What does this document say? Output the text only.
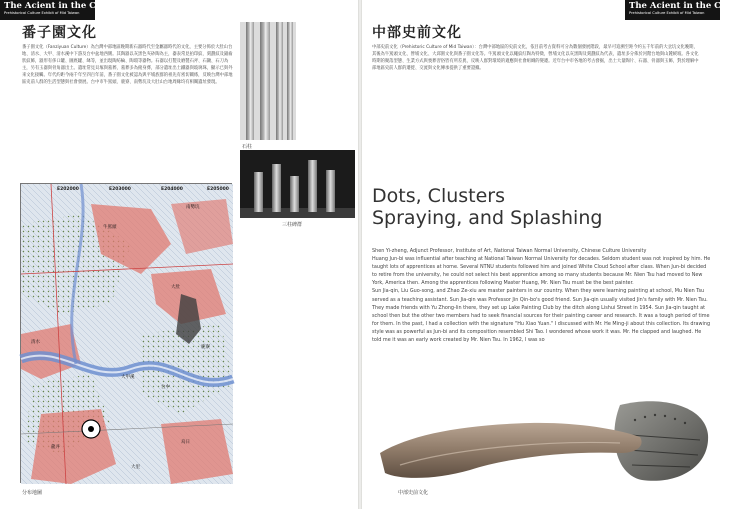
The Acient in the City
Prehistorical Culture Exhibit of Mid Taiwan
番子園文化
番子園文化（Fanziyuan Culture）為台灣中部地區晚期新石器時代至金屬器時代的文化，主要分佈於大肚山台地、清水、大甲、清水溪中下游及台中盆地西側。其陶器以灰黑色夾砂陶為主，器表常見拍印紋、刻劃紋及鋸齒狀紋飾，器形有侈口罐、圜底罐、缽等，並出現陶紡輪、陶環等器物。石器以打製及磨製石斧、石鋤、石刀為主，另有玉器與骨角器出土。遺址常見貝塚與墓葬，墓葬多為俯身葬，部分遺址出土鐵器與玻璃珠，顯示已與外來文化接觸。年代約距今兩千年至四百年前，番子園文化被認為與平埔族群的祖先有密切關係，反映台灣中部地區史前人群的生活型態與社會發展。台中市牛罵頭、鹿寮、南勢坑及大肚山台地周緣均有相關遺址發現。
石柱
三柱碑群
E202000	E203000	E204000	E205000
牛罵頭
清水
大肚
南勢坑
龍井
烏日
台中
大里
鹿寮
大甲溪
分布地圖
The Acient in the City
Prehistorical Culture Exhibit of Mid Taiwan
中部史前文化
中部史前文化（Prehistoric Culture of Mid Taiwan）：台灣中部地區的史前文化，依目前考古資料可分為數個發展階段，最早可追溯至距今約五千年前的大坌坑文化晚期，其後為牛罵頭文化、營埔文化、大邱園文化與番子園文化等。牛罵頭文化以繩紋紅陶為特徵，營埔文化以灰黑陶及刻劃紋為代表，遺址多分佈於河階台地與山麓緩坡。各文化時期的聚落型態、生業方式與喪葬習俗皆有所差異，反映人群對環境的適應與社會組織的變遷。近年台中市各地的考古發掘，出土大量陶片、石器、骨器與玉飾，對於理解中部地區史前人群的遷徙、交流與文化傳承提供了重要證據。
Dots, Clusters
Spraying, and Splashing

Shen Yi-zheng, Adjunct Professor, Institute of Art, National Taiwan Normal University, Chinese Culture University

Huang Jun-bi was influential after teaching at National Taiwan Normal University for decades. Seldom student was not inspired by him. He taught lots of apprentices at home. Several NTNU students followed him and joined White Cloud School after class. When Jun-bi decided to retire from the university, he could not select his best apprentice among so many students because Mr. Nien Tsu had moved to New York, America then. Among the apprentices following Master Huang, Mr. Nien Tsu must be the best painter.

Sun Jia-qin, Liu Guo-song, and Zhao Ze-xiu are master painters in our country. When they were learning painting at school, Mu Nien Tsu served as a teaching assistant. Sun Jia-qin was Professor Jin Qin-bo's good friend. Sun Jia-qin usually visited Jin's family with Mr. Nien Tsu. They made friends with Yu Zhong-lin there, they set up Lake Painting Club by the ditch along Lishui Street in 1954. Sun Jia-qin taught at school then but the other two members had to seek financial sources for their painting career and research. It was a tough period of time for them. In the past, I had a collection with the signature "Hu Xiao Yuan." I discussed with Mr. He Ming-ji about this collection. Its drawing style was as powerful as Jun-bi and its composition resembled Shi Tao. I wondered whose work it was. Mr. He clapped and laughed. He told me it was an early work created by Mr. Nien Tsu. In 1962, I was so

中部史前文化
